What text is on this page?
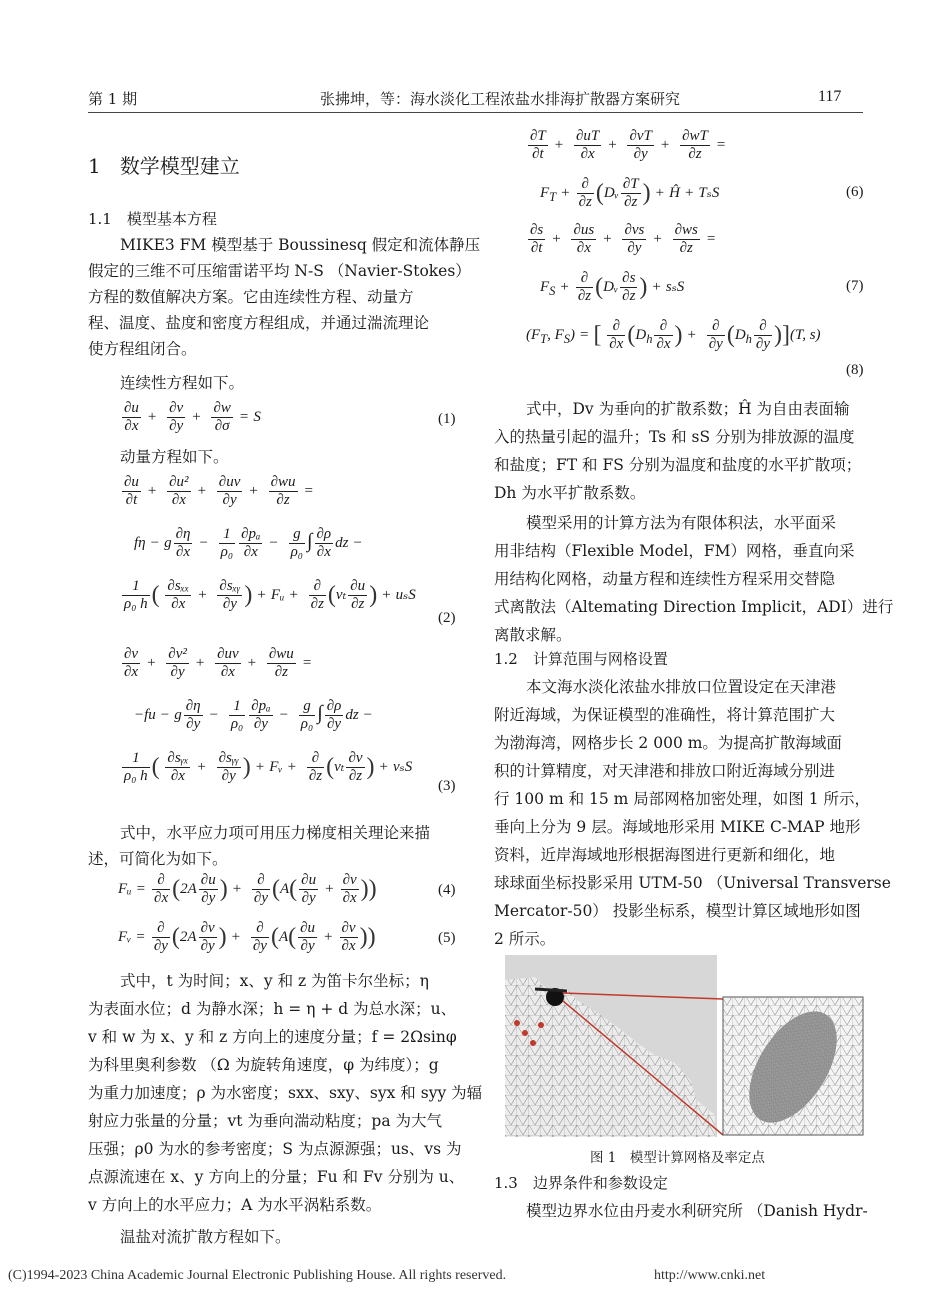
第 1 期	张拂坤，等：海水淡化工程浓盐水排海扩散器方案研究	117
1 数学模型建立
1.1　模型基本方程
MIKE3 FM 模型基于 Boussinesq 假定和流体静压
假定的三维不可压缩雷诺平均 N-S （Navier-Stokes）
方程的数值解决方案。它由连续性方程、动量方
程、温度、盐度和密度方程组成，并通过湍流理论
使方程组闭合。
连续性方程如下。
$\frac{\partial u}{\partial x} + \frac{\partial v}{\partial y} + \frac{\partial w}{\partial\sigma} = S$	(1)
动量方程如下。
$\frac{\partial u}{\partial t} + \frac{\text{∂u²}}{\partial x} + \frac{\partial uv}{\partial y} + \frac{\partial wu}{\partial z}$ =
fη − g $\frac{\partial\eta}{\partial x} - \frac{1}{\text{ρ₀}} \frac{\text{∂pₐ}}{\partial x} - \frac{g}{\text{ρ₀}}$ ∫ $\frac{\partial\rho}{\partial x}$ dz −
$\frac{1}{\text{ρ₀ h}}$ ( $\frac{\text{∂sₓₓ}}{\partial x} + \frac{\text{∂sₓᵧ}}{\partial y}$ ) + Fᵤ + $\frac{\partial}{\partial z} (v_t \frac{\partial u}{\partial z}$ ) + uₛS
(2)
$\frac{\partial v}{\partial x} + \frac{\text{∂v²}}{\partial y} + \frac{\partial uv}{\partial x} + \frac{\partial wu}{\partial z}$ =
−fu − g $\frac{\partial\eta}{\partial y} - \frac{1}{\text{ρ₀}} \frac{\text{∂pₐ}}{\partial y} - \frac{g}{\text{ρ₀}}$ ∫ $\frac{\partial\rho}{\partial y}$ dz −
$\frac{1}{\text{ρ₀ h}}$ ( $\frac{\text{∂sᵧₓ}}{\partial x} + \frac{\text{∂sᵧᵧ}}{\partial y}$ ) + Fᵥ + $\frac{\partial}{\partial z} (v_t \frac{\partial v}{\partial z}$ ) + vₛS
(3)
式中，水平应力项可用压力梯度相关理论来描
述，可简化为如下。
Fᵤ = $\frac{\partial}{\partial x} (2A \frac{\partial u}{\partial y}$ ) + $\frac{\partial}{\partial y} (A( \frac{\partial u}{\partial y} + \frac{\partial v}{\partial x}$ ))	(4)
Fᵥ = $\frac{\partial}{\partial y} (2A \frac{\partial v}{\partial y}$ ) + $\frac{\partial}{\partial y} (A( \frac{\partial u}{\partial y} + \frac{\partial v}{\partial x}$ ))	(5)
式中，t 为时间；x、y 和 z 为笛卡尔坐标；η
为表面水位；d 为静水深；h = η + d 为总水深；u、
v 和 w 为 x、y 和 z 方向上的速度分量；f = 2Ωsinφ
为科里奥利参数 （Ω 为旋转角速度，φ 为纬度）；g
为重力加速度；ρ 为水密度；sxx、sxy、syx 和 syy 为辐
射应力张量的分量；vt 为垂向湍动粘度；pa 为大气
压强；ρ0 为水的参考密度；S 为点源源强；us、vs 为
点源流速在 x、y 方向上的分量；Fu 和 Fv 分别为 u、
v 方向上的水平应力；A 为水平涡粘系数。
温盐对流扩散方程如下。
$\frac{\partial T}{\partial t} + \frac{\partial uT}{\partial x} + \frac{\partial vT}{\partial y} + \frac{\partial wT}{\partial z}$ =
$F_T + \frac{\partial}{\partial z}$ (Dᵥ $\frac{\partial T}{\partial z}$ ) + Ĥ + TₛS	(6)
$\frac{\partial s}{\partial t} + \frac{\partial us}{\partial x} + \frac{\partial vs}{\partial y} + \frac{\partial ws}{\partial z}$ =
$F_S + \frac{\partial}{\partial z}$ (Dᵥ $\frac{\partial s}{\partial z}$ ) + sₛS	(7)
($F_T$, $F_S$) = [ $\frac{\partial}{\partial x} (D_h \frac{\partial}{\partial x}$ ) + $\frac{\partial}{\partial y} (D_h \frac{\partial}{\partial y} )](T$, s)
(8)
式中，Dv 为垂向的扩散系数；Ĥ 为自由表面输
入的热量引起的温升；Ts 和 sS 分别为排放源的温度
和盐度；FT 和 FS 分别为温度和盐度的水平扩散项；
Dh 为水平扩散系数。
模型采用的计算方法为有限体积法，水平面采
用非结构（Flexible Model，FM）网格，垂直向采
用结构化网格，动量方程和连续性方程采用交替隐
式离散法（Altemating Direction Implicit，ADI）进行
离散求解。
1.2　计算范围与网格设置
本文海水淡化浓盐水排放口位置设定在天津港
附近海域，为保证模型的准确性，将计算范围扩大
为渤海湾，网格步长 2 000 m。为提高扩散海域面
积的计算精度，对天津港和排放口附近海域分别进
行 100 m 和 15 m 局部网格加密处理，如图 1 所示，
垂向上分为 9 层。海域地形采用 MIKE C-MAP 地形
资料，近岸海域地形根据海图进行更新和细化，地
球球面坐标投影采用 UTM-50 （Universal Transverse
Mercator-50） 投影坐标系，模型计算区域地形如图
2 所示。
图 1　模型计算网格及率定点
1.3　边界条件和参数设定
模型边界水位由丹麦水利研究所 （Danish Hydr-
(C)1994-2023 China Academic Journal Electronic Publishing House. All rights reserved.	http://www.cnki.net
